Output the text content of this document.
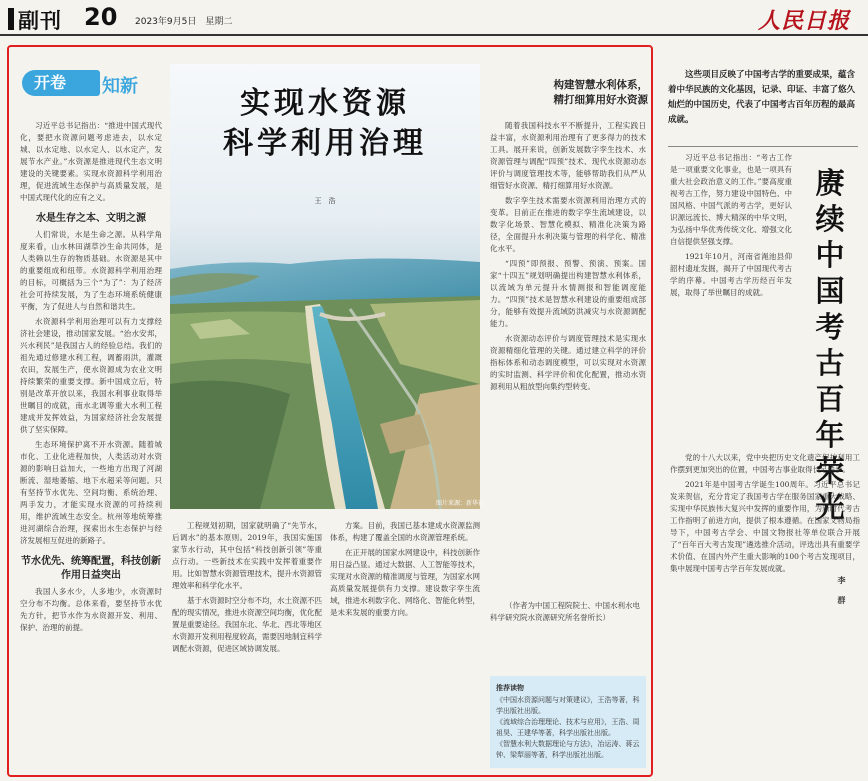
副刊 20 2023年9月5日　星期二	人民日报
开卷	知新

习近平总书记指出：“推进中国式现代化，要把水资源问题考虑进去，以水定城、以水定地、以水定人、以水定产，发展节水产业。”水资源是推进现代生态文明建设的关键要素。实现水资源科学利用治理，促进流域生态保护与高质量发展，是中国式现代化的应有之义。

水是生存之本、文明之源

人们常说，水是生命之源。从科学角度来看，山水林田湖草沙生命共同体，是人类赖以生存的物质基础。水资源是其中的重要组成和纽带。水资源科学利用治理的目标，可概括为三个“为了”：为了经济社会可持续发展，为了生态环境系统健康平衡，为了促进人与自然和谐共生。

水资源科学利用治理可以有力支撑经济社会建设，推动国家发展。“治水安邦，兴水利民”是我国古人的经验总结。我们的祖先通过修建水利工程，调蓄雨洪，灌溉农田，发展生产，使水资源成为农业文明持续繁荣的重要支撑。新中国成立后，特别是改革开放以来，我国水利事业取得举世瞩目的成就，南水北调等重大水利工程建成并发挥效益，为国家经济社会发展提供了坚实保障。

生态环境保护离不开水资源。随着城市化、工业化进程加快，人类活动对水资源的影响日益加大，一些地方出现了河湖断流、湿地萎缩、地下水超采等问题。只有坚持节水优先、空间均衡、系统治理、两手发力，才能实现水资源的可持续利用，维护流域生态安全。杭州等地统筹推进河湖综合治理，探索出水生态保护与经济发展相互促进的新路子。

节水优先、统筹配置，科技创新作用日益突出

我国人多水少，人多地少，水资源时空分布不均衡。总体来看，要坚持节水优先方针，把节水作为水资源开发、利用、保护、治理的前提。

实现水资源
科学利用治理
王　浩
图片来源：新华社

工程规划初期，国家就明确了“先节水，后调水”的基本原则。2019年，我国实施国家节水行动，其中包括“科技创新引领”等重点行动。一些新技术在实践中发挥着重要作用。比如智慧水资源管理技术，提升水资源管理效率和科学化水平。

基于水资源时空分布不均，水土资源不匹配的现实情况，推进水资源空间均衡，优化配置是重要途径。我国东北、华北、西北等地区水资源开发利用程度较高，需要因地制宜科学调配水资源，促进区域协调发展。

方案。目前，我国已基本建成水资源监测体系，构建了覆盖全国的水资源管理系统。

在正开展的国家水网建设中，科技创新作用日益凸显。通过大数据、人工智能等技术，实现对水资源的精准调度与管理，为国家水网高质量发展提供有力支撑。建设数字孪生流域，推进水利数字化、网络化、智能化转型，是未来发展的重要方向。

构建智慧水利体系，
精打细算用好水资源

随着我国科技水平不断提升，工程实践日益丰富，水资源利用治理有了更多得力的技术工具。展开来说，创新发展数字孪生技术、水资源管理与调配“四预”技术、现代水资源动态评价与调度管理技术等，能够帮助我们从严从细管好水资源、精打细算用好水资源。

数字孪生技术需要水资源利用治理方式的变革。目前正在推进的数字孪生流域建设，以数字化场景、智慧化模拟、精准化决策为路径，全面提升水利决策与管理的科学化、精准化水平。

“四预”即预报、预警、预演、预案。国家“十四五”规划明确提出构建智慧水利体系，以流域为单元提升水情测报和智能调度能力。“四预”技术是智慧水利建设的重要组成部分，能够有效提升流域防洪减灾与水资源调配能力。

水资源动态评价与调度管理技术是实现水资源精细化管理的关键。通过建立科学的评价指标体系和动态调度模型，可以实现对水资源的实时监测、科学评价和优化配置，推动水资源利用从粗放型向集约型转变。

（作者为中国工程院院士、中国水利水电科学研究院水资源研究所名誉所长）
推荐读物
《中国水资源问题与对策建议》，王浩等著，科学出版社出版。
《流域综合治理理论、技术与应用》，王浩、周祖昊、王建华等著，科学出版社出版。
《智慧水利大数据理论与方法》，冶运涛、蒋云钟、梁犁丽等著，科学出版社出版。
这些项目反映了中国考古学的重要成果，蕴含着中华民族的文化基因，记录、印证、丰富了悠久灿烂的中国历史，代表了中国考古百年历程的最高成就。

习近平总书记指出：“考古工作是一项重要文化事业，也是一项具有重大社会政治意义的工作。”要高度重视考古工作，努力建设中国特色、中国风格、中国气派的考古学，更好认识源远流长、博大精深的中华文明，为弘扬中华优秀传统文化、增强文化自信提供坚强支撑。

1921年10月，河南省渑池县仰韶村遗址发掘，揭开了中国现代考古学的序幕。中国考古学历经百年发展，取得了举世瞩目的成就。

赓续中国考古百年荣光
李　群

党的十八大以来，党中央把历史文化遗产保护利用工作摆到更加突出的位置，中国考古事业取得长足进步。

2021年是中国考古学诞生100周年。习近平总书记发来贺信，充分肯定了我国考古学在服务国家重大战略、实现中华民族伟大复兴中发挥的重要作用，为新时代考古工作指明了前进方向，提供了根本遵循。在国家文物局指导下，中国考古学会、中国文物报社等单位联合开展了“百年百大考古发现”遴选推介活动，评选出具有重要学术价值、在国内外产生重大影响的100个考古发现项目，集中展现中国考古学百年发展成就。
